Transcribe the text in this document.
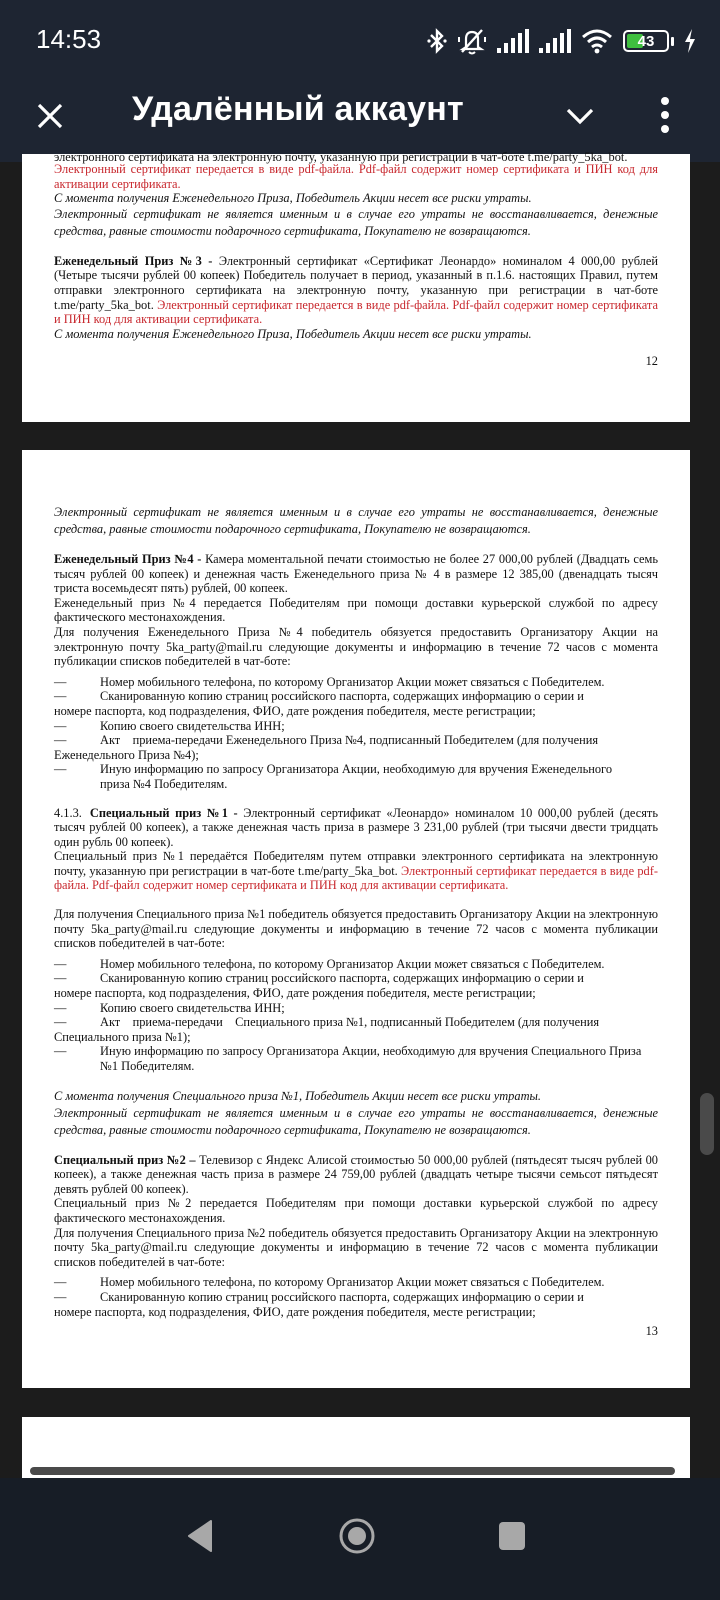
14:53	43
Удалённый аккаунт
электронного сертификата на электронную почту, указанную при регистрации в чат-боте t.me/party_5ka_bot.
Электронный сертификат передается в виде pdf-файла. Pdf-файл содержит номер сертификата и ПИН код для активации сертификата.
С момента получения Еженедельного Приза, Победитель Акции несет все риски утраты.
Электронный сертификат не является именным и в случае его утраты не восстанавливается, денежные средства, равные стоимости подарочного сертификата, Покупателю не возвращаются.
Еженедельный Приз №3 - Электронный сертификат «Сертификат Леонардо» номиналом 4 000,00 рублей (Четыре тысячи рублей 00 копеек) Победитель получает в период, указанный в п.1.6. настоящих Правил, путем отправки электронного сертификата на электронную почту, указанную при регистрации в чат-боте t.me/party_5ka_bot. Электронный сертификат передается в виде pdf-файла. Pdf-файл содержит номер сертификата и ПИН код для активации сертификата.
С момента получения Еженедельного Приза, Победитель Акции несет все риски утраты.
12
Электронный сертификат не является именным и в случае его утраты не восстанавливается, денежные средства, равные стоимости подарочного сертификата, Покупателю не возвращаются.
Еженедельный Приз №4 - Камера моментальной печати стоимостью не более 27 000,00 рублей (Двадцать семь тысяч рублей 00 копеек) и денежная часть Еженедельного приза № 4 в размере 12 385,00 (двенадцать тысяч триста восемьдесят пять) рублей, 00 копеек.
Еженедельный приз №4 передается Победителям при помощи доставки курьерской службой по адресу фактического местонахождения.
Для получения Еженедельного Приза №4 победитель обязуется предоставить Организатору Акции на электронную почту 5ka_party@mail.ru следующие документы и информацию в течение 72 часов с момента публикации списков победителей в чат-боте:
—	Номер мобильного телефона, по которому Организатор Акции может связаться с Победителем.
—	Сканированную копию страниц российского паспорта, содержащих информацию о серии и
номере паспорта, код подразделения, ФИО, дате рождения победителя, месте регистрации;
—	Копию своего свидетельства ИНН;
—	Акт    приема-передачи Еженедельного Приза №4, подписанный Победителем (для получения
Еженедельного Приза №4);
—	Иную информацию по запросу Организатора Акции, необходимую для вручения Еженедельного
приза №4 Победителям.
4.1.3. Специальный приз №1 - Электронный сертификат «Леонардо» номиналом 10 000,00 рублей (десять тысяч рублей 00 копеек), а также денежная часть приза в размере 3 231,00 рублей (три тысячи двести тридцать один рубль 00 копеек).
Специальный приз №1 передаётся Победителям путем отправки электронного сертификата на электронную почту, указанную при регистрации в чат-боте t.me/party_5ka_bot. Электронный сертификат передается в виде pdf-файла. Pdf-файл содержит номер сертификата и ПИН код для активации сертификата.
Для получения Специального приза №1 победитель обязуется предоставить Организатору Акции на электронную почту 5ka_party@mail.ru следующие документы и информацию в течение 72 часов с момента публикации списков победителей в чат-боте:
—	Номер мобильного телефона, по которому Организатор Акции может связаться с Победителем.
—	Сканированную копию страниц российского паспорта, содержащих информацию о серии и
номере паспорта, код подразделения, ФИО, дате рождения победителя, месте регистрации;
—	Копию своего свидетельства ИНН;
—	Акт    приема-передачи    Специального приза №1, подписанный Победителем (для получения
Специального приза №1);
—	Иную информацию по запросу Организатора Акции, необходимую для вручения Специального Приза
№1 Победителям.
С момента получения Специального приза №1, Победитель Акции несет все риски утраты.
Электронный сертификат не является именным и в случае его утраты не восстанавливается, денежные средства, равные стоимости подарочного сертификата, Покупателю не возвращаются.
Специальный приз №2 – Телевизор с Яндекс Алисой стоимостью 50 000,00 рублей (пятьдесят тысяч рублей 00 копеек), а также денежная часть приза в размере 24 759,00 рублей (двадцать четыре тысячи семьсот пятьдесят девять рублей 00 копеек).
Специальный приз №2 передается Победителям при помощи доставки курьерской службой по адресу фактического местонахождения.
Для получения Специального приза №2 победитель обязуется предоставить Организатору Акции на электронную почту 5ka_party@mail.ru следующие документы и информацию в течение 72 часов с момента публикации списков победителей в чат-боте:
—	Номер мобильного телефона, по которому Организатор Акции может связаться с Победителем.
—	Сканированную копию страниц российского паспорта, содержащих информацию о серии и
номере паспорта, код подразделения, ФИО, дате рождения победителя, месте регистрации;
13
